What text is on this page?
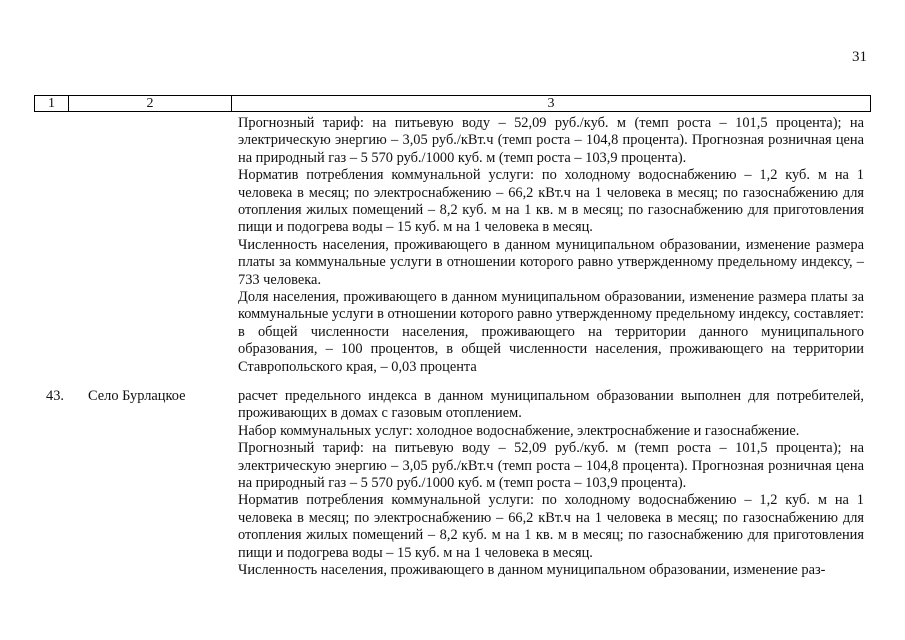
31
1	2	3

Прогнозный тариф: на питьевую воду – 52,09 руб./куб. м (темп роста – 101,5 процента); на электрическую энергию – 3,05 руб./кВт.ч (темп роста – 104,8 процента). Прогнозная розничная цена на природный газ – 5 570 руб./1000 куб. м (темп роста – 103,9 процента).

Норматив потребления коммунальной услуги: по холодному водоснабжению – 1,2 куб. м на 1 человека в месяц; по электроснабжению – 66,2 кВт.ч на 1 человека в месяц; по газоснабжению для отопления жилых помещений – 8,2 куб. м на 1 кв. м в месяц; по газоснабжению для приготовления пищи и подогрева воды – 15 куб. м на 1 человека в месяц.

Численность населения, проживающего в данном муниципальном образовании, изменение размера платы за коммунальные услуги в отношении которого равно утвержденному предельному индексу, – 733 человека.

Доля населения, проживающего в данном муниципальном образовании, изменение размера платы за коммунальные услуги в отношении которого равно утвержденному предельному индексу, составляет: в общей численности населения, проживающего на территории данного муниципального образования, – 100 процентов, в общей численности населения, проживающего на территории Ставропольского края, – 0,03 процента

43. Село Бурлацкое	расчет предельного индекса в данном муниципальном образовании выполнен для потребителей, проживающих в домах с газовым отоплением.

Набор коммунальных услуг: холодное водоснабжение, электроснабжение и газоснабжение.

Прогнозный тариф: на питьевую воду – 52,09 руб./куб. м (темп роста – 101,5 процента); на электрическую энергию – 3,05 руб./кВт.ч (темп роста – 104,8 процента). Прогнозная розничная цена на природный газ – 5 570 руб./1000 куб. м (темп роста – 103,9 процента).

Норматив потребления коммунальной услуги: по холодному водоснабжению – 1,2 куб. м на 1 человека в месяц; по электроснабжению – 66,2 кВт.ч на 1 человека в месяц; по газоснабжению для отопления жилых помещений – 8,2 куб. м на 1 кв. м в месяц; по газоснабжению для приготовления пищи и подогрева воды – 15 куб. м на 1 человека в месяц.

Численность населения, проживающего в данном муниципальном образовании, изменение раз-
